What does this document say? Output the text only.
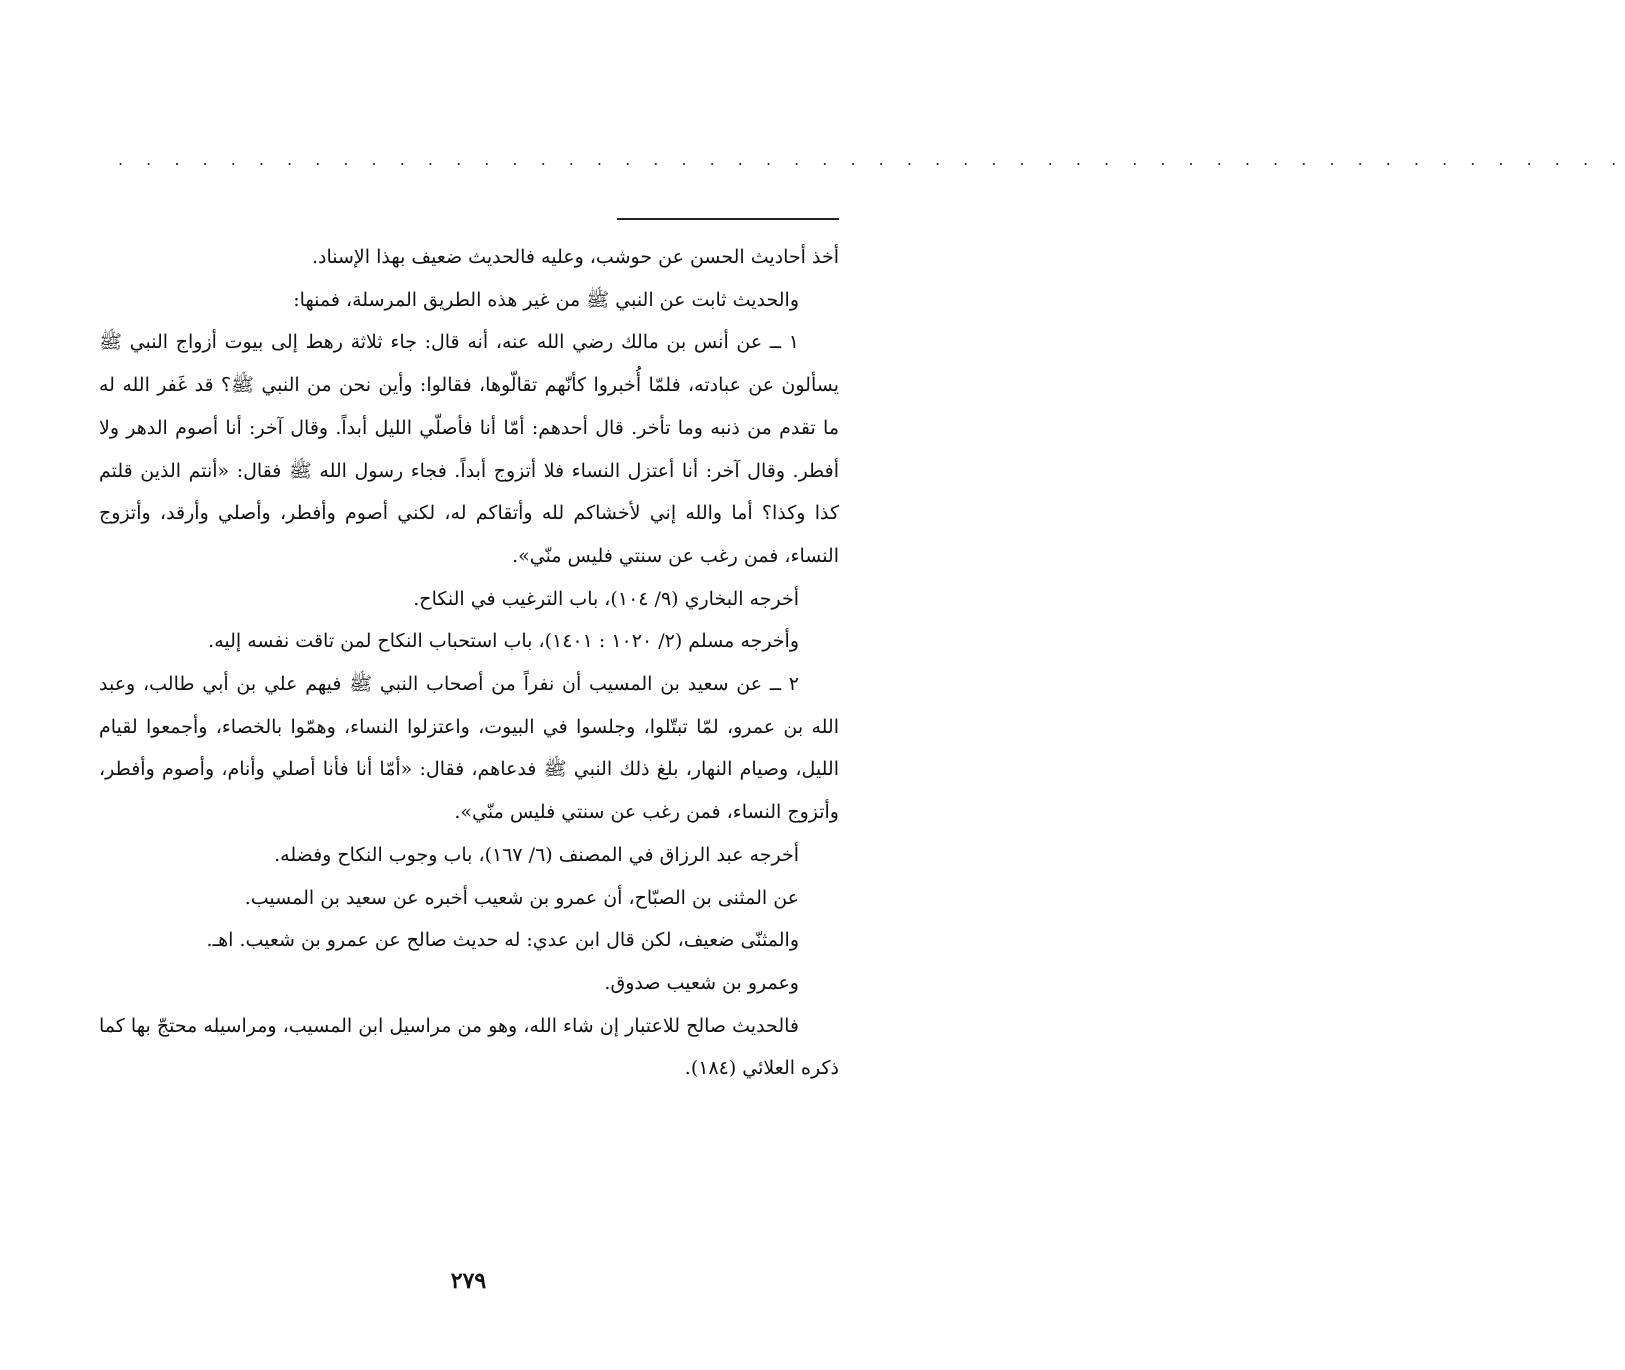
. . . . . . . . . . . . . . . . . . . . . . . . . . . . . . . . . . . . . . . . . . . . . . . . . . . . . .

أخذ أحاديث الحسن عن حوشب، وعليه فالحديث ضعيف بهذا الإسناد.

والحديث ثابت عن النبي ﷺ من غير هذه الطريق المرسلة، فمنها:

١ ــ عن أنس بن مالك رضي الله عنه، أنه قال: جاء ثلاثة رهط إلى بيوت أزواج النبي ﷺ يسألون عن عبادته، فلمّا أُخبروا كأنّهم تقالّوها، فقالوا: وأين نحن من النبي ﷺ؟ قد غَفر الله له ما تقدم من ذنبه وما تأخر. قال أحدهم: أمّا أنا فأصلّي الليل أبداً. وقال آخر: أنا أصوم الدهر ولا أفطر. وقال آخر: أنا أعتزل النساء فلا أتزوج أبداً. فجاء رسول الله ﷺ فقال: «أنتم الذين قلتم كذا وكذا؟ أما والله إني لأخشاكم لله وأتقاكم له، لكني أصوم وأفطر، وأصلي وأرقد، وأتزوج النساء، فمن رغب عن سنتي فليس منّي».

أخرجه البخاري (٩/ ١٠٤)، باب الترغيب في النكاح.

وأخرجه مسلم (٢/ ١٠٢٠ : ١٤٠١)، باب استحباب النكاح لمن تاقت نفسه إليه.

٢ ــ عن سعيد بن المسيب أن نفراً من أصحاب النبي ﷺ فيهم علي بن أبي طالب، وعبد الله بن عمرو، لمّا تبتّلوا، وجلسوا في البيوت، واعتزلوا النساء، وهمّوا بالخصاء، وأجمعوا لقيام الليل، وصيام النهار، بلغ ذلك النبي ﷺ فدعاهم، فقال: «أمّا أنا فأنا أصلي وأنام، وأصوم وأفطر، وأتزوج النساء، فمن رغب عن سنتي فليس منّي».

أخرجه عبد الرزاق في المصنف (٦/ ١٦٧)، باب وجوب النكاح وفضله.

عن المثنى بن الصبّاح، أن عمرو بن شعيب أخبره عن سعيد بن المسيب.

والمثنّى ضعيف، لكن قال ابن عدي: له حديث صالح عن عمرو بن شعيب. اهـ.

وعمرو بن شعيب صدوق.

فالحديث صالح للاعتبار إن شاء الله، وهو من مراسيل ابن المسيب، ومراسيله محتجّ بها كما ذكره العلائي (١٨٤).

٢٧٩
